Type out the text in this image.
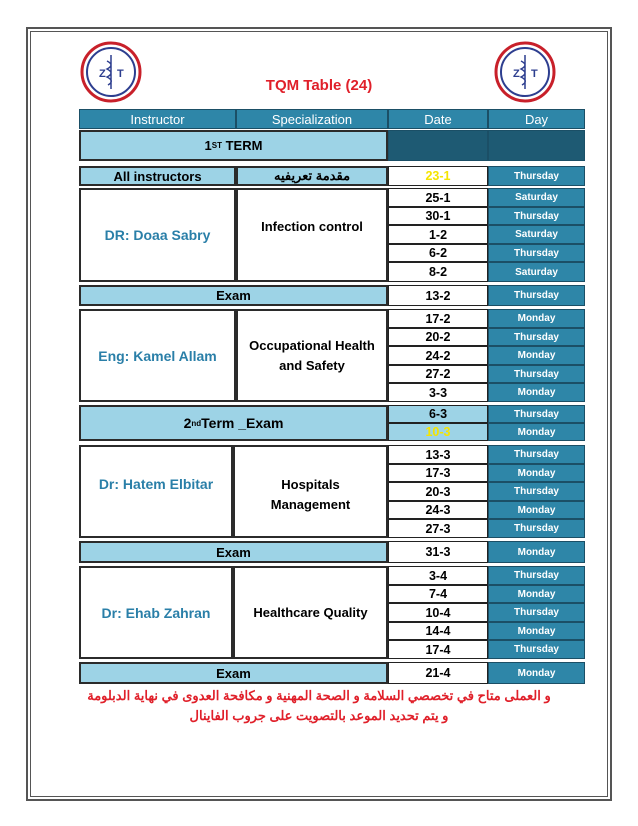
Z T	Z T
TQM Table (24)
Instructor	Specialization	Date	Day
1 ST TERM
All instructors	مقدمة تعريفيه	23-1	Thursday
DR: Doaa Sabry
Infection control
25-1	Saturday
30-1	Thursday
1-2	Saturday
6-2	Thursday
8-2	Saturday
Exam	13-2	Thursday
Eng: Kamel Allam
Occupational Health and Safety
17-2	Monday
20-2	Thursday
24-2	Monday
27-2	Thursday
3-3	Monday
2 nd Term _Exam
6-3	Thursday
10-3	Monday
Dr: Hatem Elbitar	Hospitals Management
13-3	Thursday
17-3	Monday
20-3	Thursday
24-3	Monday
27-3	Thursday
Exam	31-3	Monday
Dr: Ehab Zahran	Healthcare Quality
3-4	Thursday
7-4	Monday
10-4	Thursday
14-4	Monday
17-4	Thursday
Exam	21-4	Monday
و العملى متاح في تخصصي السلامة و الصحة المهنية و مكافحة العدوى في نهاية الدبلومة
و يتم تحديد الموعد بالتصويت على جروب الفاينال
